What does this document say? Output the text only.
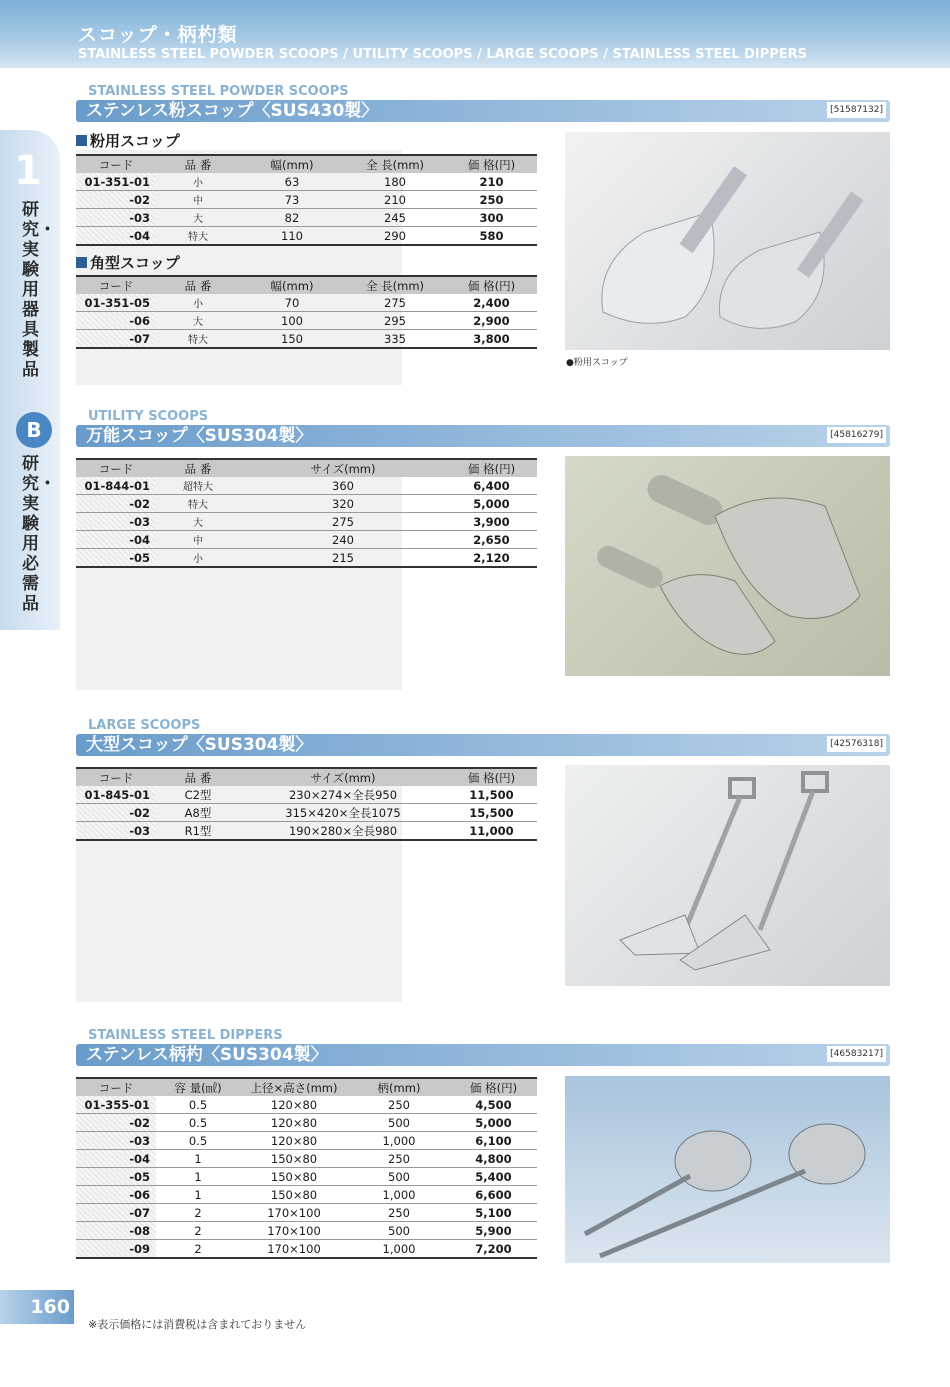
スコップ・柄杓類
STAINLESS STEEL POWDER SCOOPS / UTILITY SCOOPS / LARGE SCOOPS / STAINLESS STEEL DIPPERS
1
研究・実験用器具製品
B
研究・実験用必需品
STAINLESS STEEL POWDER SCOOPS
ステンレス粉スコップ〈SUS430製〉	[51587132]
粉用スコップ
コード	品 番	幅(mm)	全 長(mm)	価 格(円)
01-351-01	小	63	180	210
-02	中	73	210	250
-03	大	82	245	300
-04	特大	110	290	580
角型スコップ
コード	品 番	幅(mm)	全 長(mm)	価 格(円)
01-351-05	小	70	275	2,400
-06	大	100	295	2,900
-07	特大	150	335	3,800
●粉用スコップ
UTILITY SCOOPS
万能スコップ〈SUS304製〉	[45816279]
コード	品 番	サイズ(mm)	価 格(円)
01-844-01	超特大	360	6,400
-02	特大	320	5,000
-03	大	275	3,900
-04	中	240	2,650
-05	小	215	2,120
LARGE SCOOPS
大型スコップ〈SUS304製〉	[42576318]
コード	品 番	サイズ(mm)	価 格(円)
01-845-01	C2型	230×274×全長950	11,500
-02	A8型	315×420×全長1075	15,500
-03	R1型	190×280×全長980	11,000
STAINLESS STEEL DIPPERS
ステンレス柄杓〈SUS304製〉	[46583217]
コード	容 量(㎖)	上径×高さ(mm)	柄(mm)	価 格(円)
01-355-01	0.5	120×80	250	4,500
-02	0.5	120×80	500	5,000
-03	0.5	120×80	1,000	6,100
-04	1	150×80	250	4,800
-05	1	150×80	500	5,400
-06	1	150×80	1,000	6,600
-07	2	170×100	250	5,100
-08	2	170×100	500	5,900
-09	2	170×100	1,000	7,200
160
※表示価格には消費税は含まれておりません
